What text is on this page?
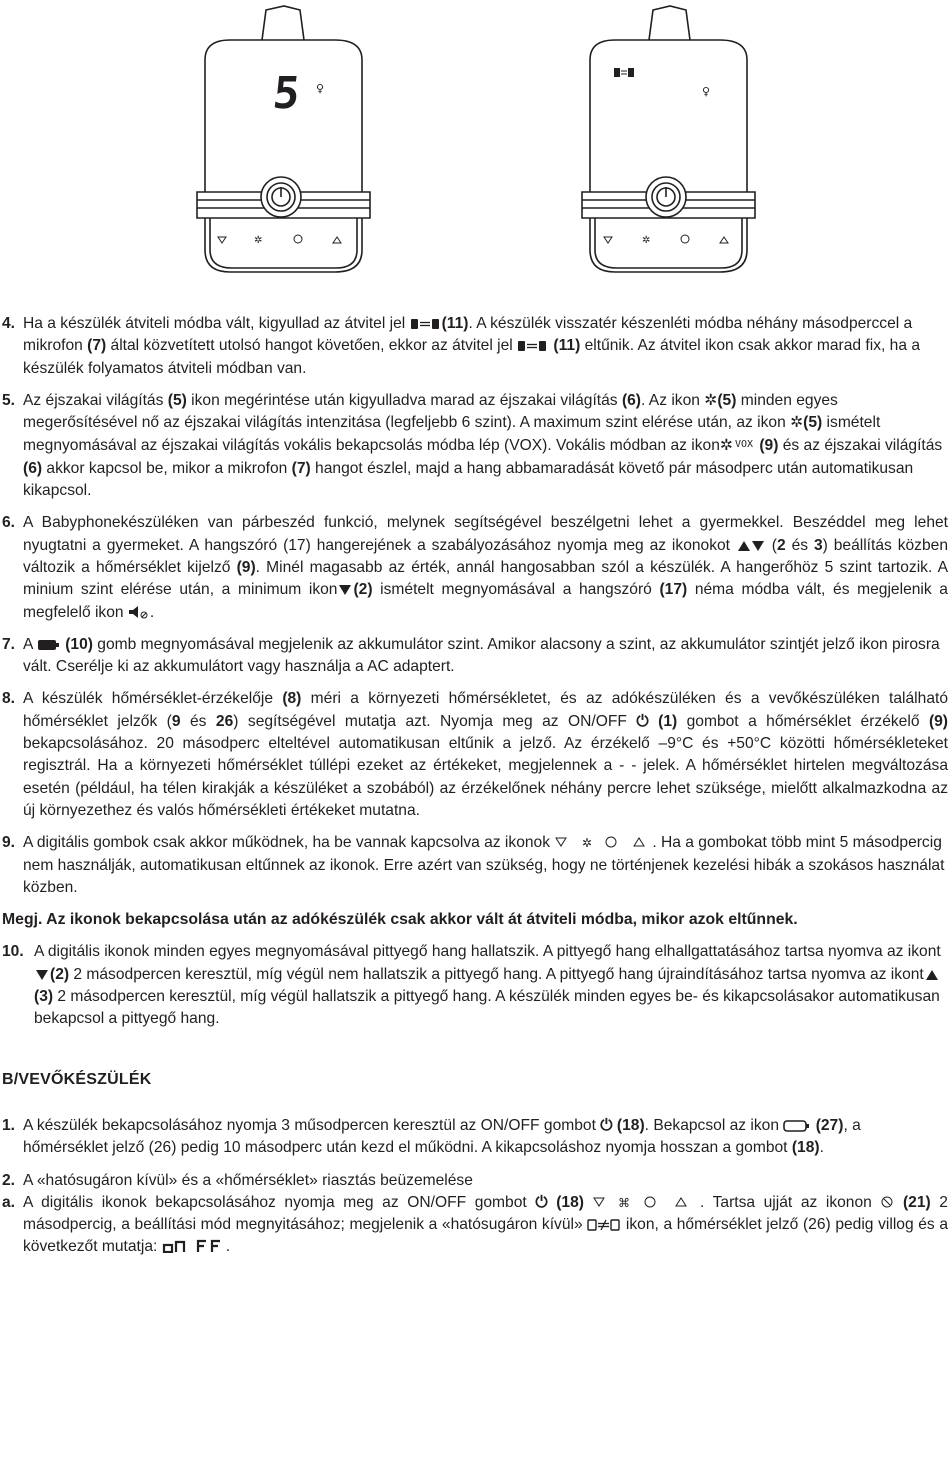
5 ♀
✲
♀
✲
4. Ha a készülék átviteli módba vált, kigyullad az átvitel jel (11). A készülék visszatér készenléti módba néhány másodperccel a mikrofon (7) által közvetített utolsó hangot követően, ekkor az átvitel jel  (11) eltűnik. Az átvitel ikon csak akkor marad fix, ha a készülék folyamatos átviteli módban van.
5. Az éjszakai világítás (5) ikon megérintése után kigyulladva marad az éjszakai világítás (6). Az ikon ✲(5) minden egyes megerősítésével nő az éjszakai világítás intenzitása (legfeljebb 6 szint). A maximum szint elérése után, az ikon ✲(5) ismételt megnyomásával az éjszakai világítás vokális bekapcsolás módba lép (VOX). Vokális módban az ikon✲ VOX (9) és az éjszakai világítás (6) akkor kapcsol be, mikor a mikrofon (7) hangot észlel, majd a hang abbamaradását követő pár másodperc után automatikusan kikapcsol.
6. A Babyphonekészüléken van párbeszéd funkció, melynek segítségével beszélgetni lehet a gyermekkel. Beszéddel meg lehet nyugtatni a gyermeket. A hangszóró (17) hangerejének a szabályozásához nyomja meg az ikonokot  (2 és 3) beállítás közben változik a hőmérséklet kijelző (9). Minél magasabb az érték, annál hangosabban szól a készülék. A hangerőhöz 5 szint tartozik. A minium szint elérése után, a minimum ikon (2) ismételt megnyomásával a hangszóró (17) néma módba vált, és megjelenik a megfelelő ikon .
7. A  (10) gomb megnyomásával megjelenik az akkumulátor szint. Amikor alacsony a szint, az akkumulátor szintjét jelző ikon pirosra vált. Cserélje ki az akkumulátort vagy használja a AC adaptert.
8. A készülék hőmérséklet-érzékelője (8) méri a környezeti hőmérsékletet, és az adókészüléken és a vevőkészüléken található hőmérséklet jelzők (9 és 26) segítségével mutatja azt. Nyomja meg az ON/OFF ⏻ (1) gombot a hőmérséklet érzékelő (9) bekapcsolásához. 20 másodperc elteltével automatikusan eltűnik a jelző. Az érzékelő –9°C és +50°C közötti hőmérsékleteket regisztrál. Ha a környezeti hőmérséklet túllépi ezeket az értékeket, megjelennek a - - jelek. A hőmérséklet hirtelen megváltozása esetén (például, ha télen kirakják a készüléket a szobából) az érzékelőnek néhány percre lehet szüksége, mielőtt alkalmazkodna az új környezethez és valós hőmérsékleti értékeket mutatna.
9. A digitális gombok csak akkor működnek, ha be vannak kapcsolva az ikonok ✲	. Ha a gombokat több mint 5 másodpercig nem használják, automatikusan eltűnnek az ikonok. Erre azért van szükség, hogy ne történjenek kezelési hibák a szokásos használat közben.
Megj. Az ikonok bekapcsolása után az adókészülék csak akkor vált át átviteli módba, mikor azok eltűnnek.
10. A digitális ikonok minden egyes megnyomásával pittyegő hang hallatszik. A pittyegő hang elhallgattatásához tartsa nyomva az ikont (2) 2 másodpercen keresztül, míg végül nem hallatszik a pittyegő hang. A pittyegő hang újraindításához tartsa nyomva az ikont (3) 2 másodpercen keresztül, míg végül hallatszik a pittyegő hang. A készülék minden egyes be- és kikapcsolásakor automatikusan bekapcsol a pittyegő hang.
B/VEVŐKÉSZÜLÉK
1. A készülék bekapcsolásához nyomja 3 műsodpercen keresztül az ON/OFF gombot ⏻ (18). Bekapcsol az ikon  (27), a hőmérséklet jelző (26) pedig 10 másodperc után kezd el működni. A kikapcsoláshoz nyomja hosszan a gombot (18).
2. A «hatósugáron kívül» és a «hőmérséklet» riasztás beüzemelése
a. A digitális ikonok bekapcsolásához nyomja meg az ON/OFF gombot ⏻ (18)	⌘	. Tartsa ujját az ikonon  (21) 2 másodpercig, a beállítási mód megnyitásához; megjelenik a «hatósugáron kívül»  ikon, a hőmérséklet jelző (26) pedig villog és a következőt mutatja:	.
